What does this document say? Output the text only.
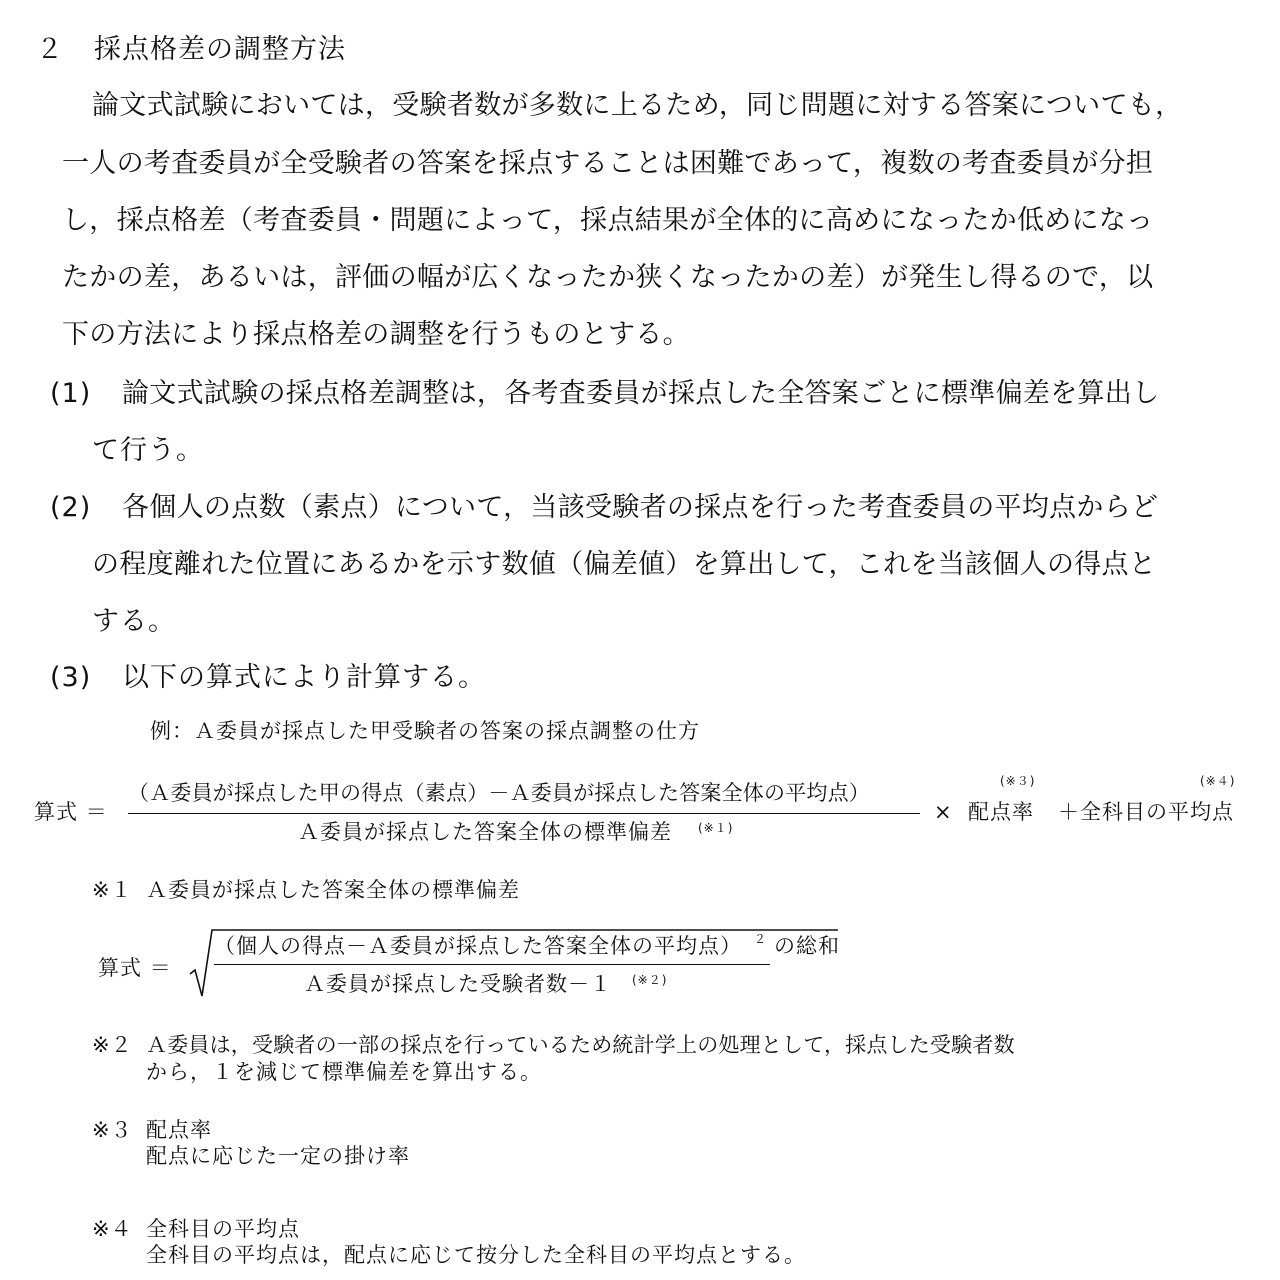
２ 採点格差の調整方法
論文式試験においては，受験者数が多数に上るため，同じ問題に対する答案についても，
一人の考査委員が全受験者の答案を採点することは困難であって，複数の考査委員が分担
し，採点格差（考査委員・問題によって，採点結果が全体的に高めになったか低めになっ
たかの差，あるいは，評価の幅が広くなったか狭くなったかの差）が発生し得るので，以
下の方法により採点格差の調整を行うものとする。
(1) 論文式試験の採点格差調整は，各考査委員が採点した全答案ごとに標準偏差を算出し
て行う。
(2) 各個人の点数（素点）について，当該受験者の採点を行った考査委員の平均点からど
の程度離れた位置にあるかを示す数値（偏差値）を算出して，これを当該個人の得点と
する。
(3) 以下の算式により計算する。
例：Ａ委員が採点した甲受験者の答案の採点調整の仕方
算式 ＝
（Ａ委員が採点した甲の得点（素点）－Ａ委員が採点した答案全体の平均点）
Ａ委員が採点した答案全体の標準偏差 (※１)
×
(※３)
配点率
(※４)
＋全科目の平均点
※１ Ａ委員が採点した答案全体の標準偏差
算式 ＝
（個人の得点－Ａ委員が採点した答案全体の平均点） ２ の総和
Ａ委員が採点した受験者数－１ (※２)
※２ Ａ委員は，受験者の一部の採点を行っているため統計学上の処理として，採点した受験者数
から，１を減じて標準偏差を算出する。
※３ 配点率
配点に応じた一定の掛け率
※４ 全科目の平均点
全科目の平均点は，配点に応じて按分した全科目の平均点とする。
